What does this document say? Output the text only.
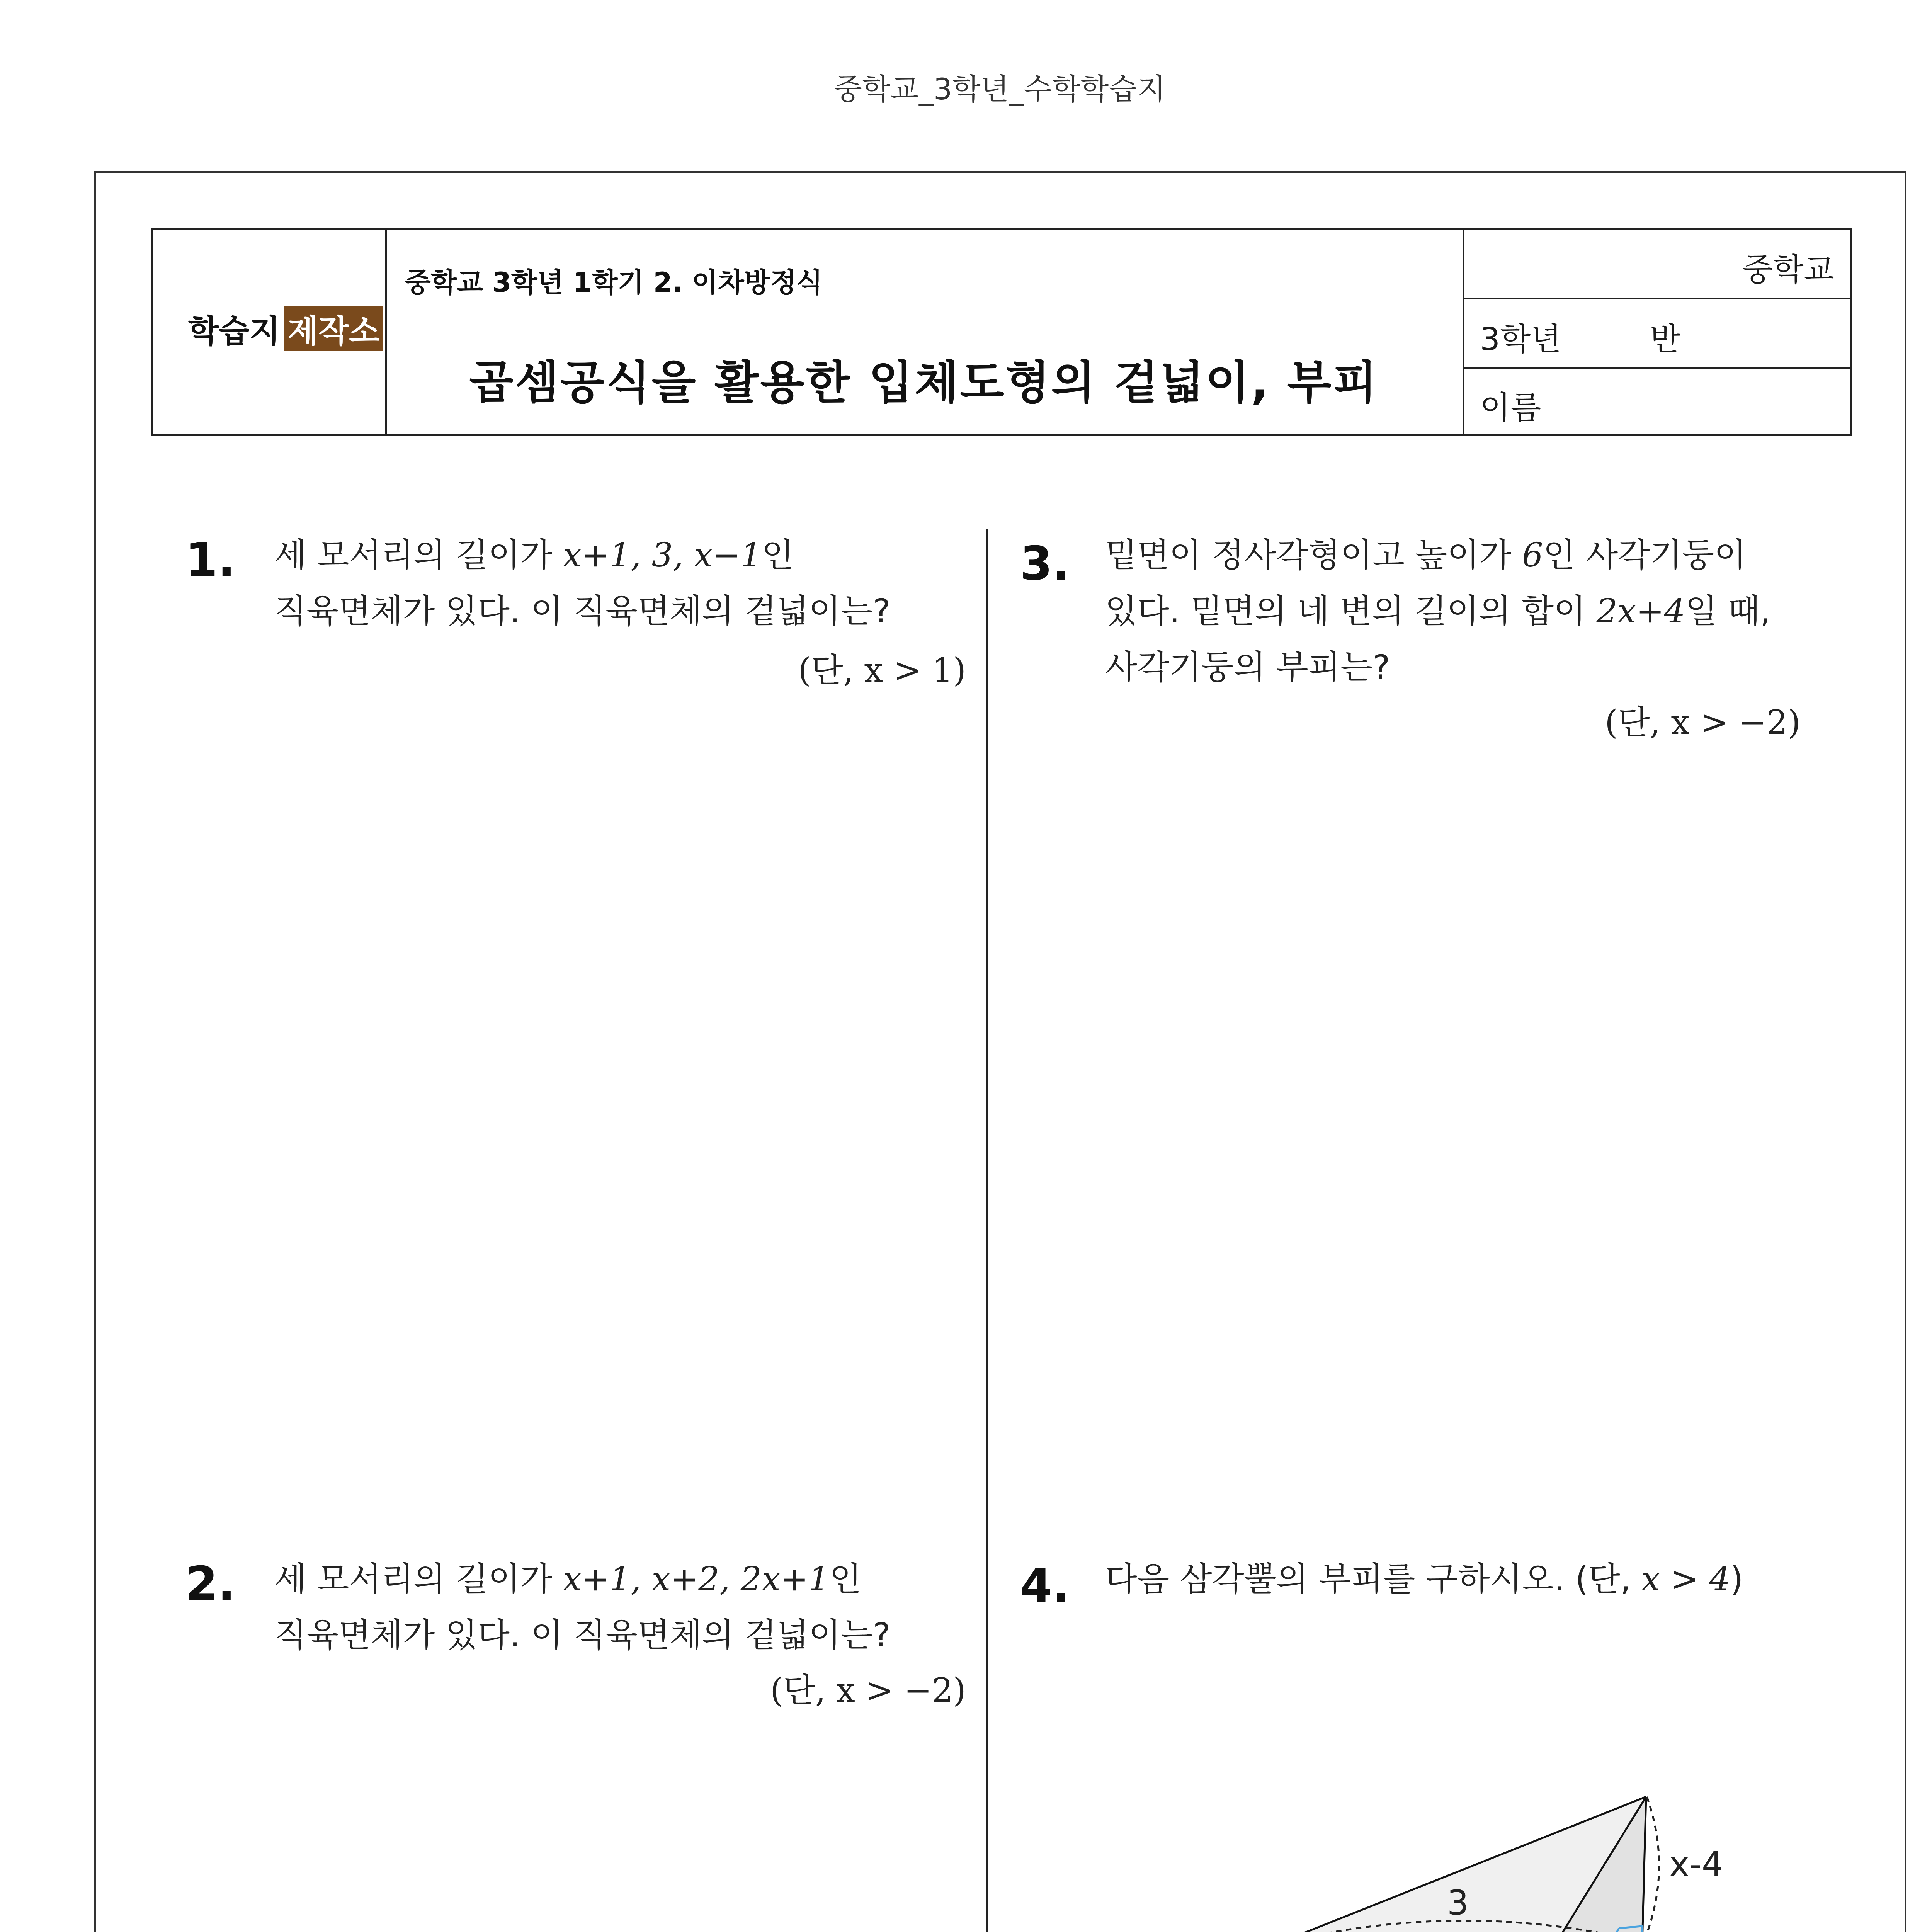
중학교_3학년_수학학습지
학습지 제작소
중학교 3학년 1학기 2. 이차방정식
곱셈공식을 활용한 입체도형의 겉넓이, 부피
중학교
3학년	반
이름
1. 세 모서리의 길이가 x+1, 3, x−1인
직육면체가 있다. 이 직육면체의 겉넓이는?
(단, x > 1)
2. 세 모서리의 길이가 x+1, x+2, 2x+1인
직육면체가 있다. 이 직육면체의 겉넓이는?
(단, x > −2)
3. 밑면이 정사각형이고 높이가 6인 사각기둥이
있다. 밑면의 네 변의 길이의 합이 2x+4일 때,
사각기둥의 부피는?
(단, x > −2)
4. 다음 삼각뿔의 부피를 구하시오. (단, x > 4)
3
x-4
